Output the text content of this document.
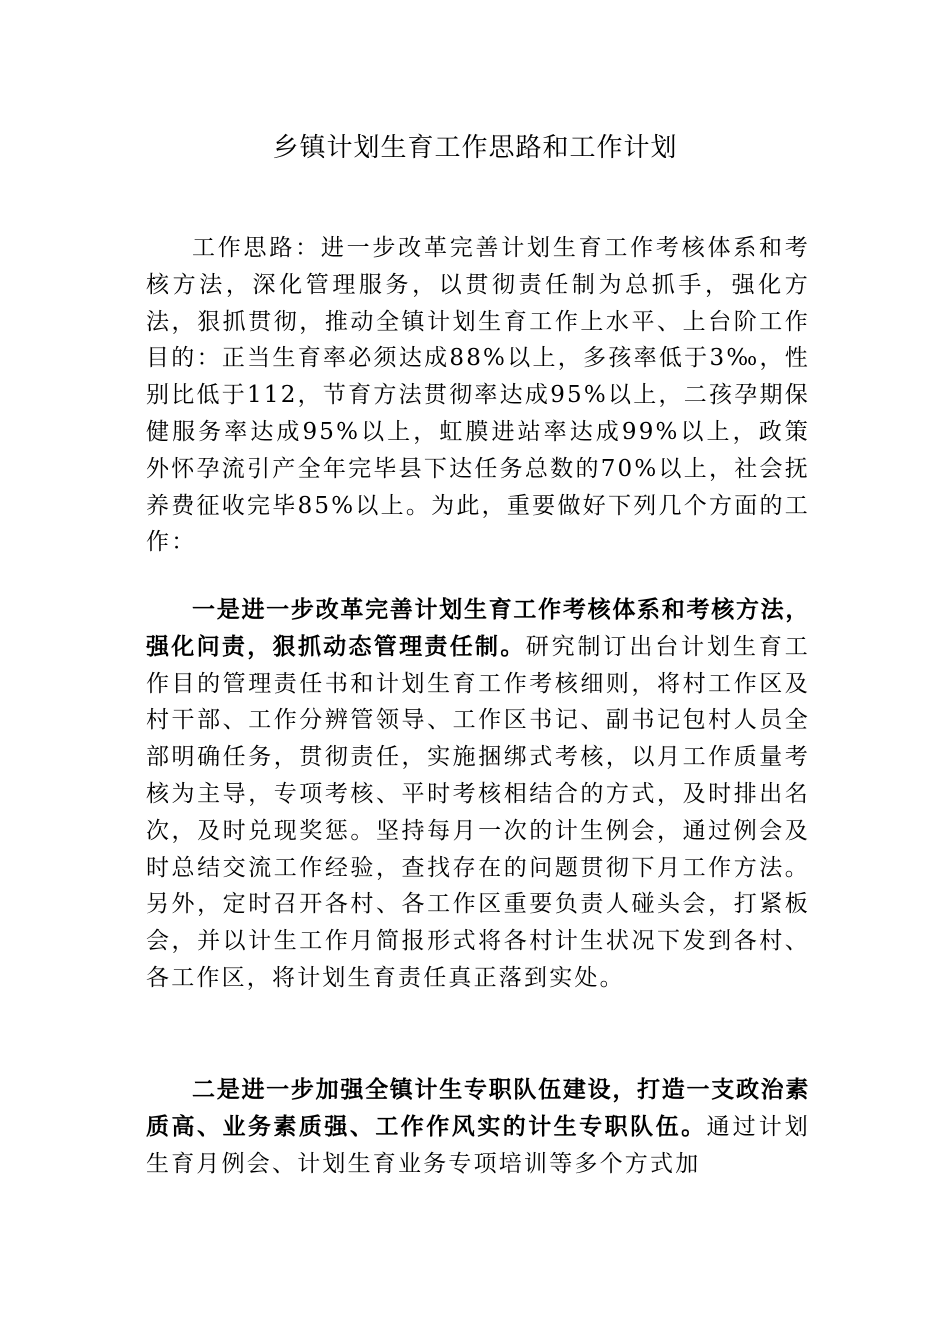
乡镇计划生育工作思路和工作计划

工作思路：进一步改革完善计划生育工作考核体系和考核方法，深化管理服务，以贯彻责任制为总抓手，强化方法，狠抓贯彻，推动全镇计划生育工作上水平、上台阶工作目的：正当生育率必须达成88%以上，多孩率低于3‰，性别比低于112，节育方法贯彻率达成95%以上，二孩孕期保健服务率达成95%以上，虹膜进站率达成99%以上，政策外怀孕流引产全年完毕县下达任务总数的70%以上，社会抚养费征收完毕85%以上。为此，重要做好下列几个方面的工作：

一是进一步改革完善计划生育工作考核体系和考核方法，强化问责，狠抓动态管理责任制。研究制订出台计划生育工作目的管理责任书和计划生育工作考核细则，将村工作区及村干部、工作分辨管领导、工作区书记、副书记包村人员全部明确任务，贯彻责任，实施捆绑式考核，以月工作质量考核为主导，专项考核、平时考核相结合的方式，及时排出名次，及时兑现奖惩。坚持每月一次的计生例会，通过例会及时总结交流工作经验，查找存在的问题贯彻下月工作方法。另外，定时召开各村、各工作区重要负责人碰头会，打紧板会，并以计生工作月简报形式将各村计生状况下发到各村、各工作区，将计划生育责任真正落到实处。

二是进一步加强全镇计生专职队伍建设，打造一支政治素质高、业务素质强、工作作风实的计生专职队伍。通过计划生育月例会、计划生育业务专项培训等多个方式加
